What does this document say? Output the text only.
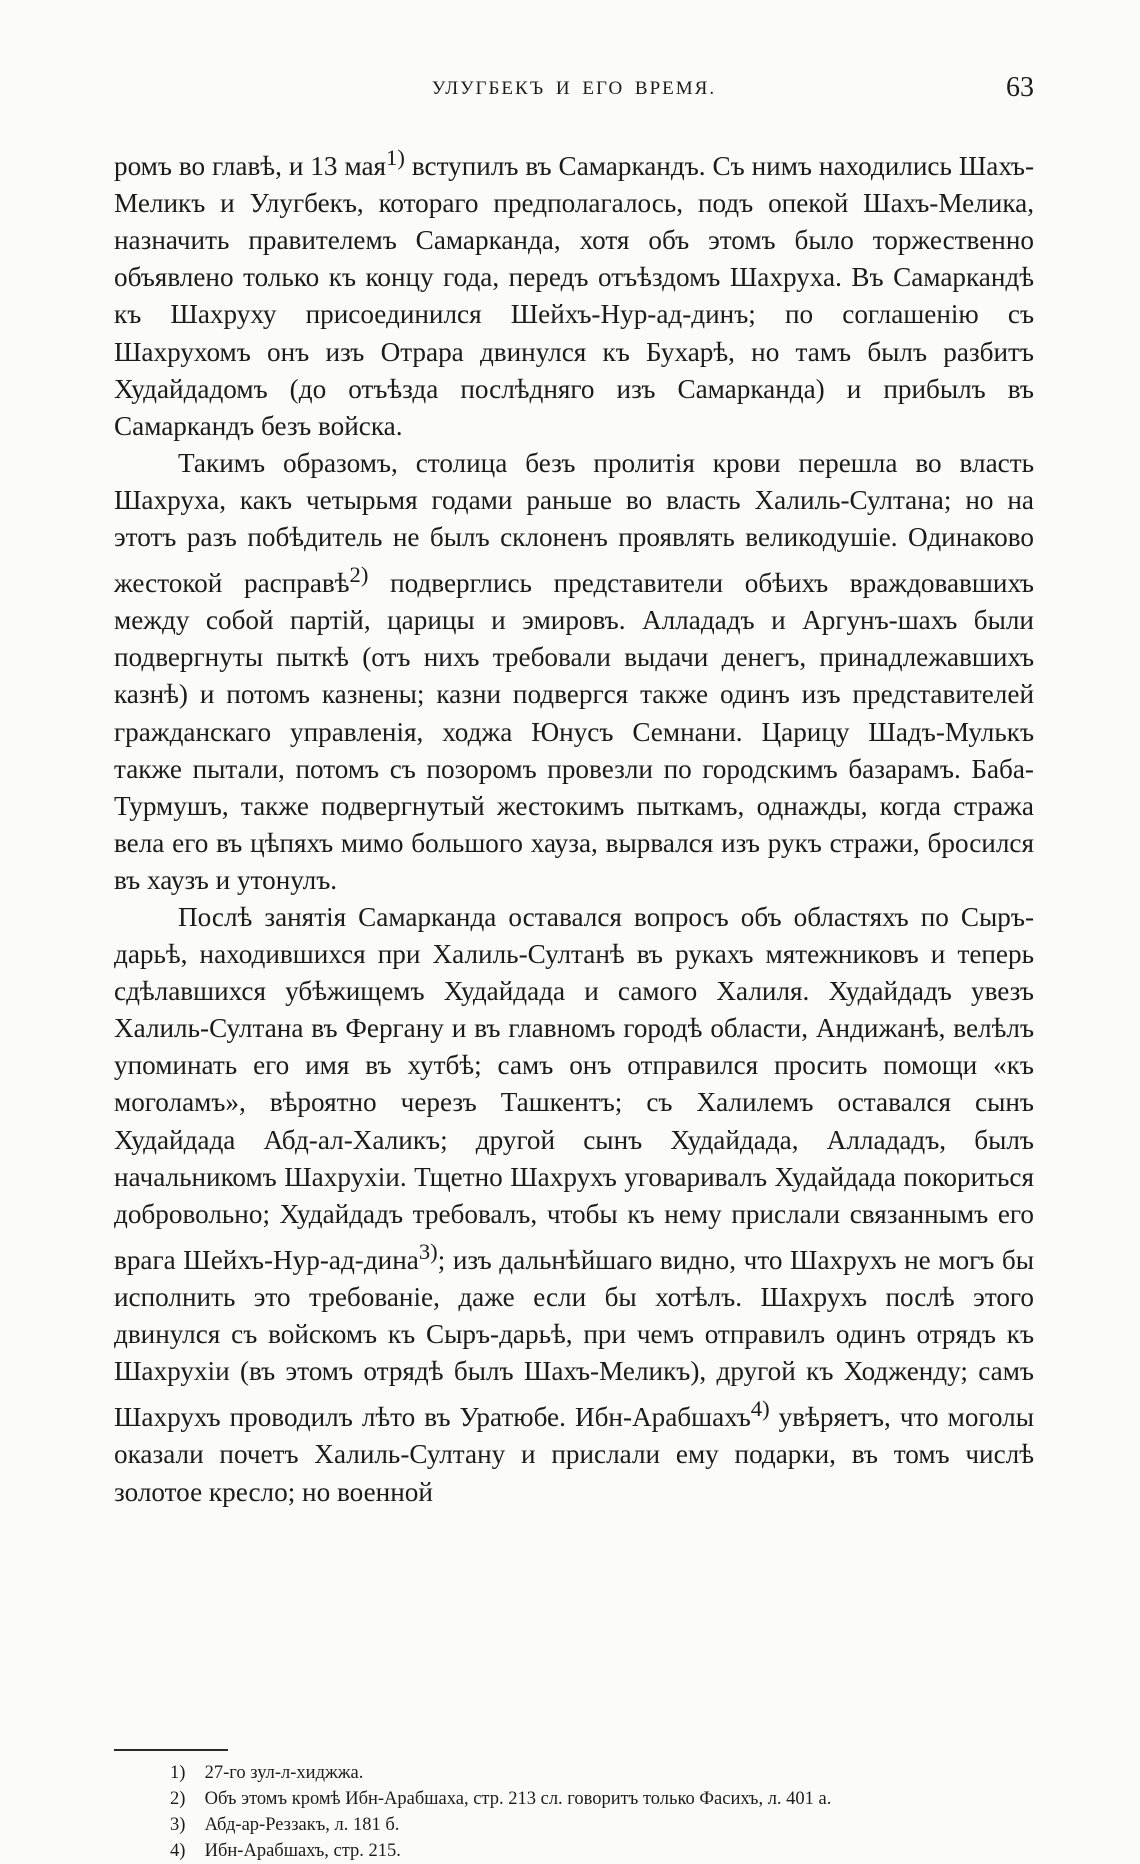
УЛУГБЕКЪ И ЕГО ВРЕМЯ.	63

ромъ во главѣ, и 13 мая$^{1)}$ вступилъ въ Самаркандъ. Съ нимъ находились Шахъ-Меликъ и Улугбекъ, котораго предполагалось, подъ опекой Шахъ-Мелика, назначить правителемъ Самарканда, хотя объ этомъ было торжественно объявлено только къ концу года, передъ отъѣздомъ Шахруха. Въ Самаркандѣ къ Шахруху присоединился Шейхъ-Нур-ад-динъ; по соглашенію съ Шахрухомъ онъ изъ Отрара двинулся къ Бухарѣ, но тамъ былъ разбитъ Худайдадомъ (до отъѣзда послѣдняго изъ Самарканда) и прибылъ въ Самаркандъ безъ войска.

Такимъ образомъ, столица безъ пролитія крови перешла во власть Шахруха, какъ четырьмя годами раньше во власть Халиль-Султана; но на этотъ разъ побѣдитель не былъ склоненъ проявлять великодушіе. Одинаково жестокой расправѣ$^{2)}$ подверглись представители обѣихъ враждовавшихъ между собой партій, царицы и эмировъ. Аллададъ и Аргунъ-шахъ были подвергнуты пыткѣ (отъ нихъ требовали выдачи денегъ, принадлежавшихъ казнѣ) и потомъ казнены; казни подвергся также одинъ изъ представителей гражданскаго управленія, ходжа Юнусъ Семнани. Царицу Шадъ-Мулькъ также пытали, потомъ съ позоромъ провезли по городскимъ базарамъ. Баба-Турмушъ, также подвергнутый жестокимъ пыткамъ, однажды, когда стража вела его въ цѣпяхъ мимо большого хауза, вырвался изъ рукъ стражи, бросился въ хаузъ и утонулъ.

Послѣ занятія Самарканда оставался вопросъ объ областяхъ по Сыръ-дарьѣ, находившихся при Халиль-Султанѣ въ рукахъ мятежниковъ и теперь сдѣлавшихся убѣжищемъ Худайдада и самого Халиля. Худайдадъ увезъ Халиль-Султана въ Фергану и въ главномъ городѣ области, Андижанѣ, велѣлъ упоминать его имя въ хутбѣ; самъ онъ отправился просить помощи «къ моголамъ», вѣроятно черезъ Ташкентъ; съ Халилемъ оставался сынъ Худайдада Абд-ал-Халикъ; другой сынъ Худайдада, Аллададъ, былъ начальникомъ Шахрухіи. Тщетно Шахрухъ уговаривалъ Худайдада покориться добровольно; Худайдадъ требовалъ, чтобы къ нему прислали связаннымъ его врага Шейхъ-Нур-ад-дина$^{3)}$; изъ дальнѣйшаго видно, что Шахрухъ не могъ бы исполнить это требованіе, даже если бы хотѣлъ. Шахрухъ послѣ этого двинулся съ войскомъ къ Сыръ-дарьѣ, при чемъ отправилъ одинъ отрядъ къ Шахрухіи (въ этомъ отрядѣ былъ Шахъ-Меликъ), другой къ Ходженду; самъ Шахрухъ проводилъ лѣто въ Уратюбе. Ибн-Арабшахъ$^{4)}$ увѣряетъ, что моголы оказали почетъ Халиль-Султану и прислали ему подарки, въ томъ числѣ золотое кресло; но военной

1) 27-го зул-л-хиджжа.
2) Объ этомъ кромѣ Ибн-Арабшаха, стр. 213 сл. говоритъ только Фасихъ, л. 401 а.
3) Абд-ар-Реззакъ, л. 181 б.
4) Ибн-Арабшахъ, стр. 215.
